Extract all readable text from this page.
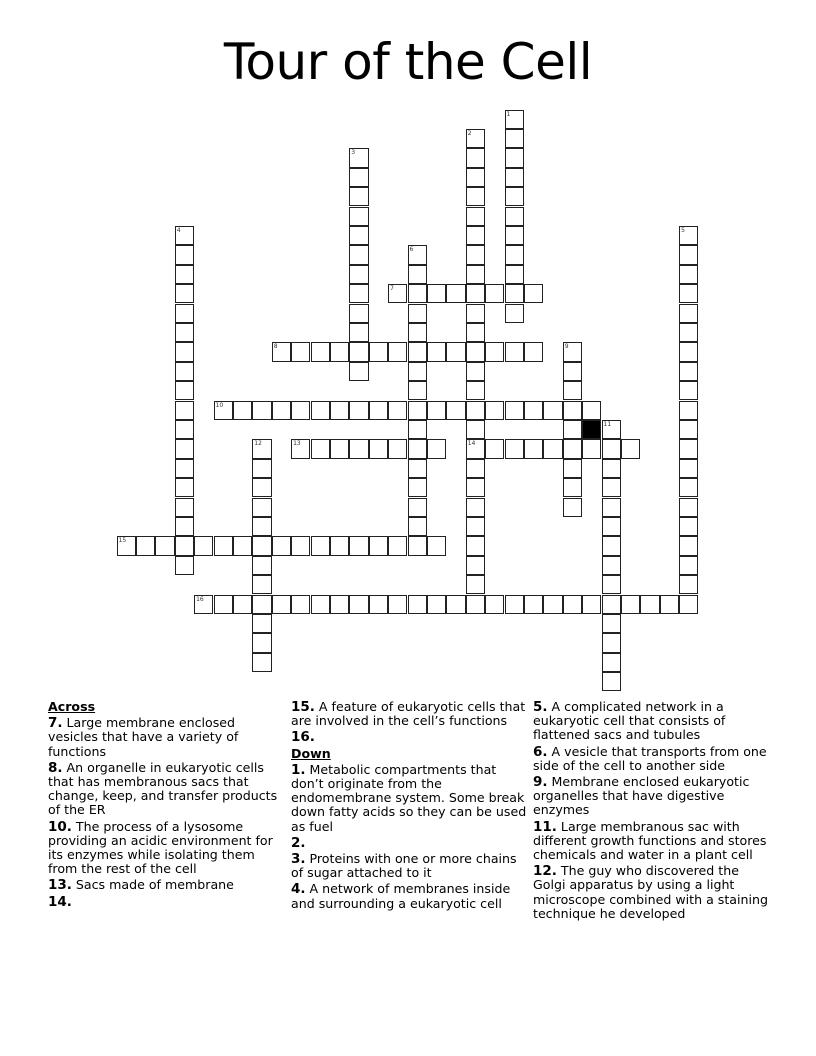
Tour of the Cell
1
2
14
3
4	5
6
7
8	9
10
11
12	13
15
16
Across
7. Large membrane enclosed vesicles that have a variety of functions
8. An organelle in eukaryotic cells that has membranous sacs that change, keep, and transfer products of the ER
10. The process of a lysosome providing an acidic environment for its enzymes while isolating them from the rest of the cell
13. Sacs made of membrane
14.
15. A feature of eukaryotic cells that are involved in the cell’s functions
16.
Down
1. Metabolic compartments that don’t originate from the endomembrane system. Some break down fatty acids so they can be used as fuel
2.
3. Proteins with one or more chains of sugar attached to it
4. A network of membranes inside and surrounding a eukaryotic cell
5. A complicated network in a eukaryotic cell that consists of flattened sacs and tubules
6. A vesicle that transports from one side of the cell to another side
9. Membrane enclosed eukaryotic organelles that have digestive enzymes
11. Large membranous sac with different growth functions and stores chemicals and water in a plant cell
12. The guy who discovered the Golgi apparatus by using a light microscope combined with a staining technique he developed
